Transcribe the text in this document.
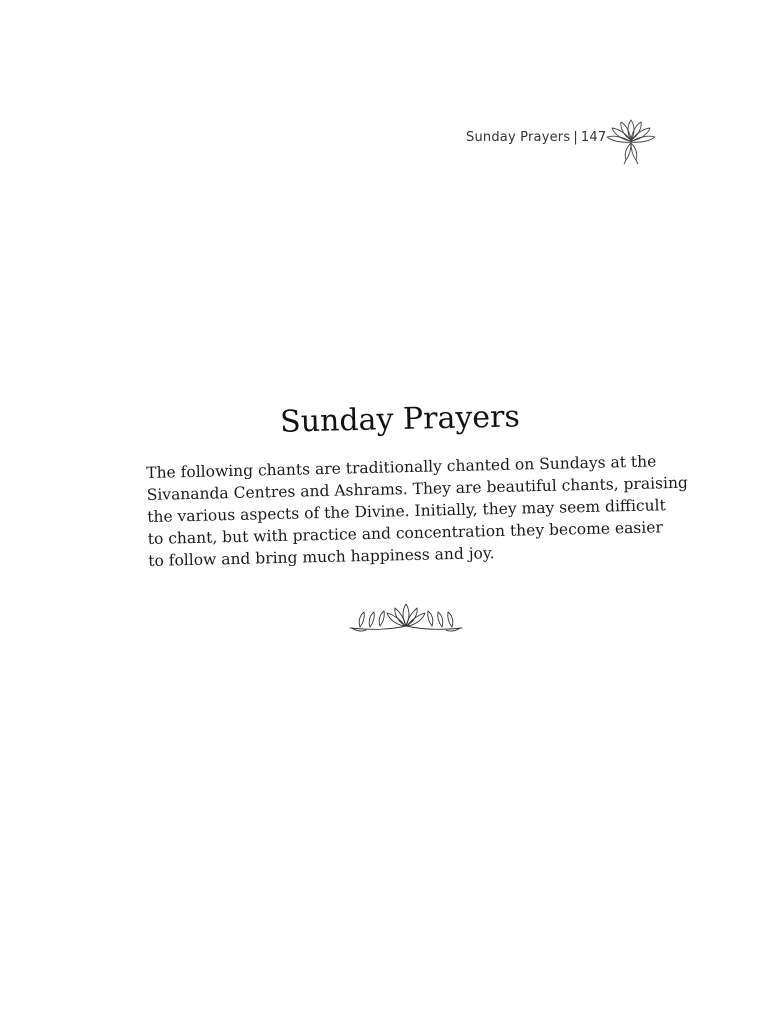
Sunday Prayers | 147
Sunday Prayers

The following chants are traditionally chanted on Sundays at the
Sivananda Centres and Ashrams. They are beautiful chants, praising
the various aspects of the Divine. Initially, they may seem difficult
to chant, but with practice and concentration they become easier
to follow and bring much happiness and joy.
